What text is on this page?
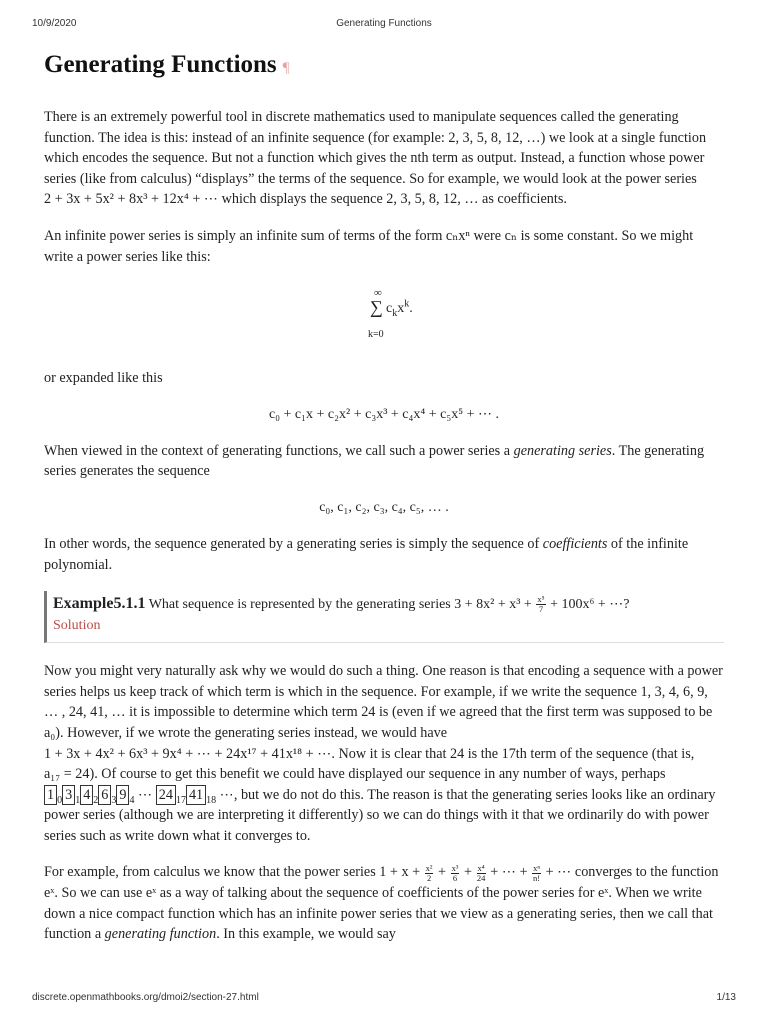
10/9/2020	Generating Functions
Generating Functions ¶

There is an extremely powerful tool in discrete mathematics used to manipulate sequences called the generating function. The idea is this: instead of an infinite sequence (for example: 2, 3, 5, 8, 12, …) we look at a single function which encodes the sequence. But not a function which gives the nth term as output. Instead, a function whose power series (like from calculus) “displays” the terms of the sequence. So for example, we would look at the power series 2 + 3x + 5x² + 8x³ + 12x⁴ + ⋯ which displays the sequence 2, 3, 5, 8, 12, … as coefficients.

An infinite power series is simply an infinite sum of terms of the form cₙxⁿ were cₙ is some constant. So we might write a power series like this:

∞
∑
k=0
$c_kx^k$.

or expanded like this

c₀ + c₁x + c₂x² + c₃x³ + c₄x⁴ + c₅x⁵ + ⋯ .

When viewed in the context of generating functions, we call such a power series a generating series. The generating series generates the sequence

c₀, c₁, c₂, c₃, c₄, c₅, … .

In other words, the sequence generated by a generating series is simply the sequence of coefficients of the infinite polynomial.

Example5.1.1 What sequence is represented by the generating series $3 + 8x^2 + x^3 + \frac{\text{x⁵}}{7} + 100x^6$ + ⋯?
Solution

Now you might very naturally ask why we would do such a thing. One reason is that encoding a sequence with a power series helps us keep track of which term is which in the sequence. For example, if we write the sequence 1, 3, 4, 6, 9, … , 24, 41, … it is impossible to determine which term 24 is (even if we agreed that the first term was supposed to be a₀). However, if we wrote the generating series instead, we would have 1 + 3x + 4x² + 6x³ + 9x⁴ + ⋯ + 24x¹⁷ + 41x¹⁸ + ⋯. Now it is clear that 24 is the 17th term of the sequence (that is, a₁₇ = 24). Of course to get this benefit we could have displayed our sequence in any number of ways, perhaps 1 $_0$ 3 $_1$ 4 $_2$ 6 $_3$ 9 $_4$ ⋯ 24 $_{17}$ 41 $_{18}$ ⋯, but we do not do this. The reason is that the generating series looks like an ordinary power series (although we are interpreting it differently) so we can do things with it that we ordinarily do with power series such as write down what it converges to.

For example, from calculus we know that the power series $1 + x + \frac{\text{x²}}{2} + \frac{\text{x³}}{6} + \frac{\text{x⁴}}{24}$ + ⋯ + $\frac{\text{xⁿ}}{n!}$ + ⋯ converges to the function eˣ. So we can use eˣ as a way of talking about the sequence of coefficients of the power series for eˣ. When we write down a nice compact function which has an infinite power series that we view as a generating series, then we call that function a generating function. In this example, we would say

discrete.openmathbooks.org/dmoi2/section-27.html	1/13
